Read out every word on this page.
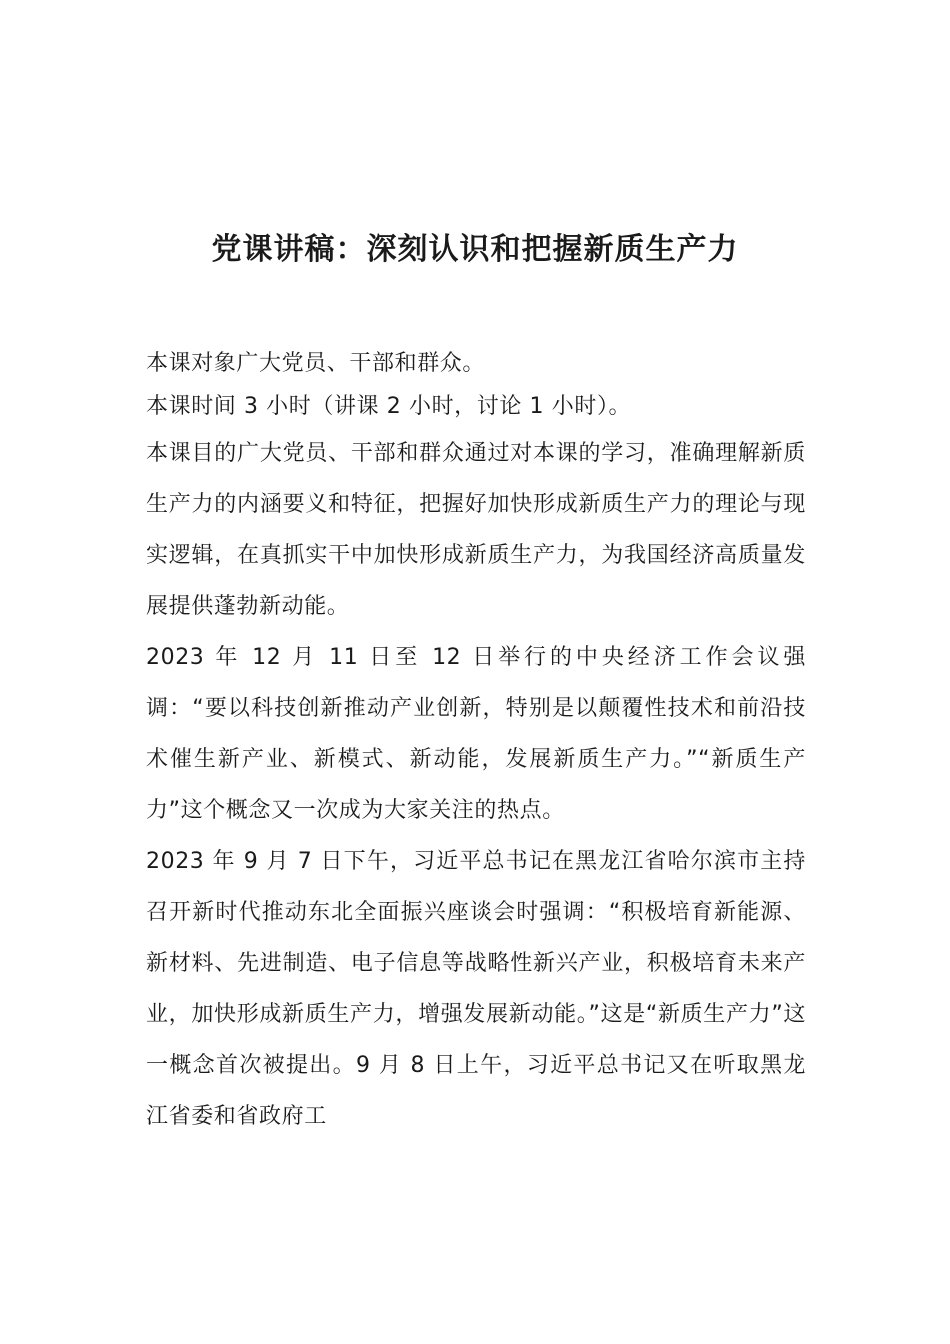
党课讲稿：深刻认识和把握新质生产力

本课对象广大党员、干部和群众。

本课时间 3 小时（讲课 2 小时，讨论 1 小时）。

本课目的广大党员、干部和群众通过对本课的学习，准确理解新质生产力的内涵要义和特征，把握好加快形成新质生产力的理论与现实逻辑，在真抓实干中加快形成新质生产力，为我国经济高质量发展提供蓬勃新动能。

2023 年 12 月 11 日至 12 日举行的中央经济工作会议强调：“要以科技创新推动产业创新，特别是以颠覆性技术和前沿技术催生新产业、新模式、新动能，发展新质生产力。”“新质生产力”这个概念又一次成为大家关注的热点。

2023 年 9 月 7 日下午，习近平总书记在黑龙江省哈尔滨市主持召开新时代推动东北全面振兴座谈会时强调：“积极培育新能源、新材料、先进制造、电子信息等战略性新兴产业，积极培育未来产业，加快形成新质生产力，增强发展新动能。”这是“新质生产力”这一概念首次被提出。9 月 8 日上午，习近平总书记又在听取黑龙江省委和省政府工
